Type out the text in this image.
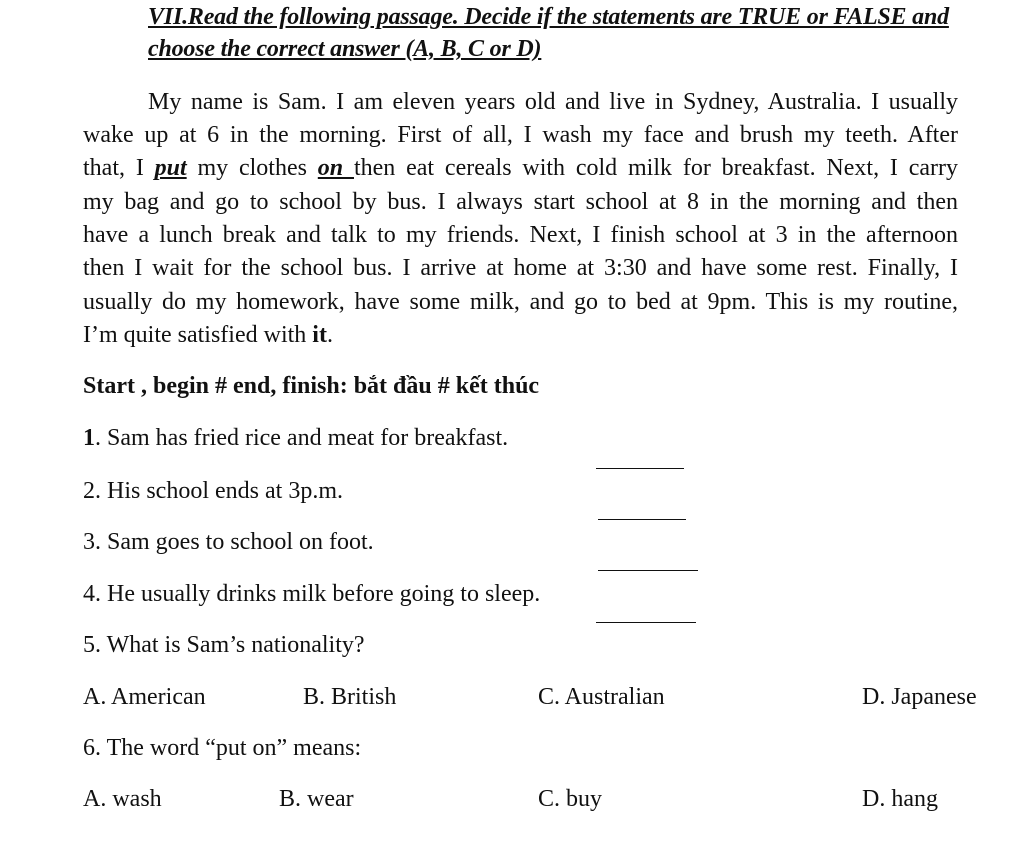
VII.Read the following passage. Decide if the statements are TRUE or FALSE and
choose the correct answer (A, B, C or D)
My name is Sam. I am eleven years old and live in Sydney, Australia. I usually
wake up at 6 in the morning. First of all, I wash my face and brush my teeth. After
that, I put my clothes on then eat cereals with cold milk for breakfast. Next, I carry
my bag and go to school by bus. I always start school at 8 in the morning and then
have a lunch break and talk to my friends. Next, I finish school at 3 in the afternoon
then I wait for the school bus. I arrive at home at 3:30 and have some rest. Finally, I
usually do my homework, have some milk, and go to bed at 9pm. This is my routine,
I’m quite satisfied with it.
Start , begin # end, finish: bắt đầu # kết thúc
1. Sam has fried rice and meat for breakfast.
2. His school ends at 3p.m.
3. Sam goes to school on foot.
4. He usually drinks milk before going to sleep.
5. What is Sam’s nationality?
A. American	B. British	C. Australian	D. Japanese
6. The word “put on” means:
A. wash	B. wear	C. buy	D. hang
